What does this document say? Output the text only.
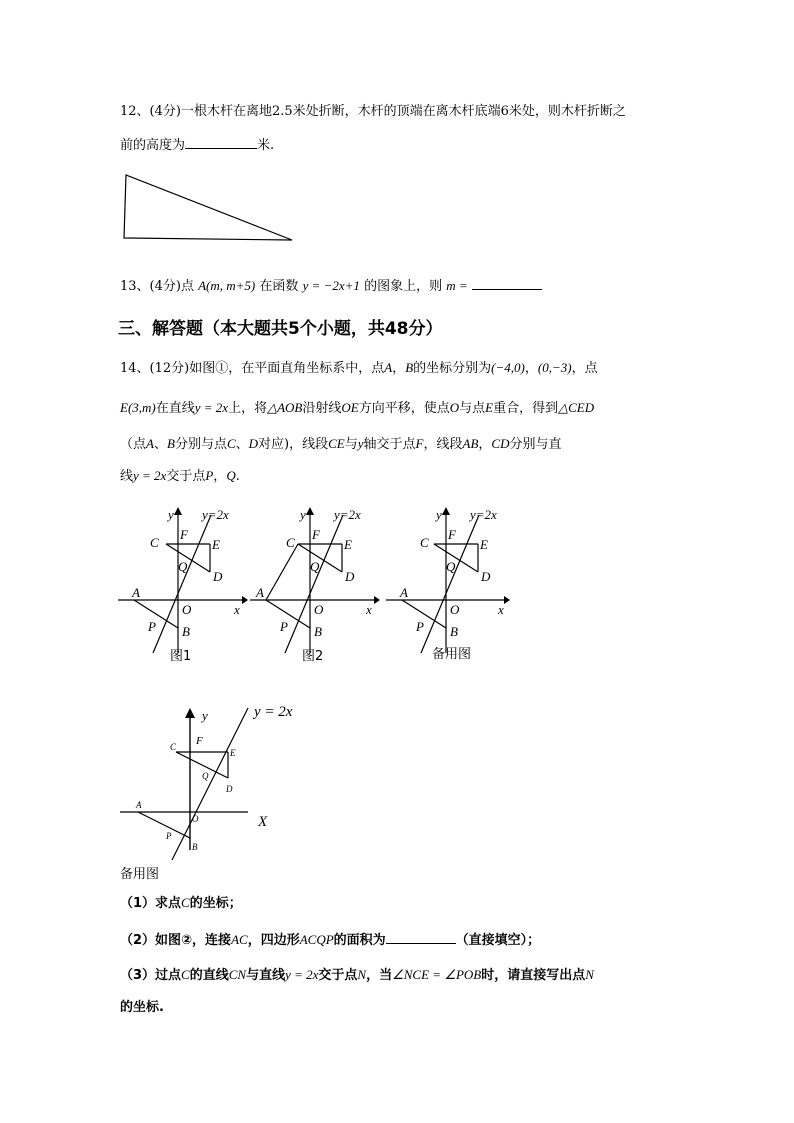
12、(4分)一根木杆在离地2.5米处折断，木杆的顶端在离木杆底端6米处，则木杆折断之
前的高度为	米.
13、(4分)点 A(m, m+5) 在函数 y = −2x+1 的图象上，则 m =
三、解答题（本大题共5个小题，共48分）
14、(12分)如图①，在平面直角坐标系中，点A，B的坐标分别为(−4,0)，(0,−3)，点
E(3,m)在直线y = 2x上，将△AOB沿射线OE方向平移，使点O与点E重合，得到△CED
（点A、B分别与点C、D对应)，线段CE与y轴交于点F，线段AB，CD分别与直
线y = 2x交于点P，Q.
y y=2x
C
F
E
Q
D
A
O	x
P B
图1
y y=2x
C
F
E
Q
D
A
O	x
P B
图2
y y=2x
C
F
E
Q
D
A
O	x
P B
备用图
y	y = 2x
C F
E
Q
D
A
O	X
P
B
备用图
（1）求点C的坐标；
（2）如图②，连接AC，四边形ACQP的面积为	（直接填空）；
（3）过点C的直线CN与直线y = 2x交于点N，当∠NCE = ∠POB时，请直接写出点N
的坐标.
